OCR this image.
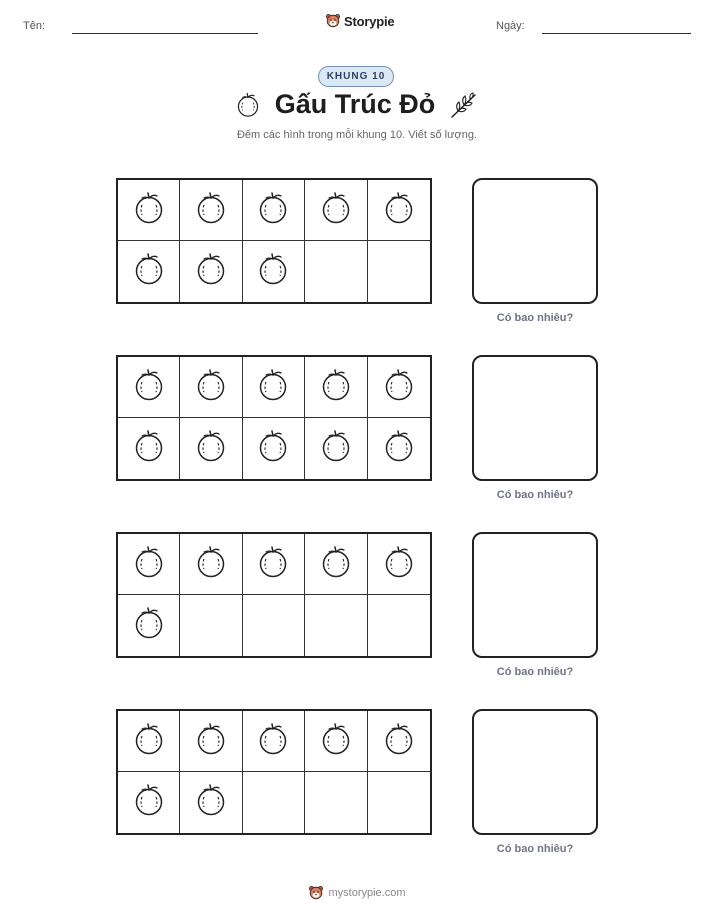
Tên:	Storypie	Ngày:
KHUNG 10
Gấu Trúc Đỏ
Đếm các hình trong mỗi khung 10. Viết số lượng.
Có bao nhiêu?
Có bao nhiêu?
Có bao nhiêu?
Có bao nhiêu?
mystorypie.com
